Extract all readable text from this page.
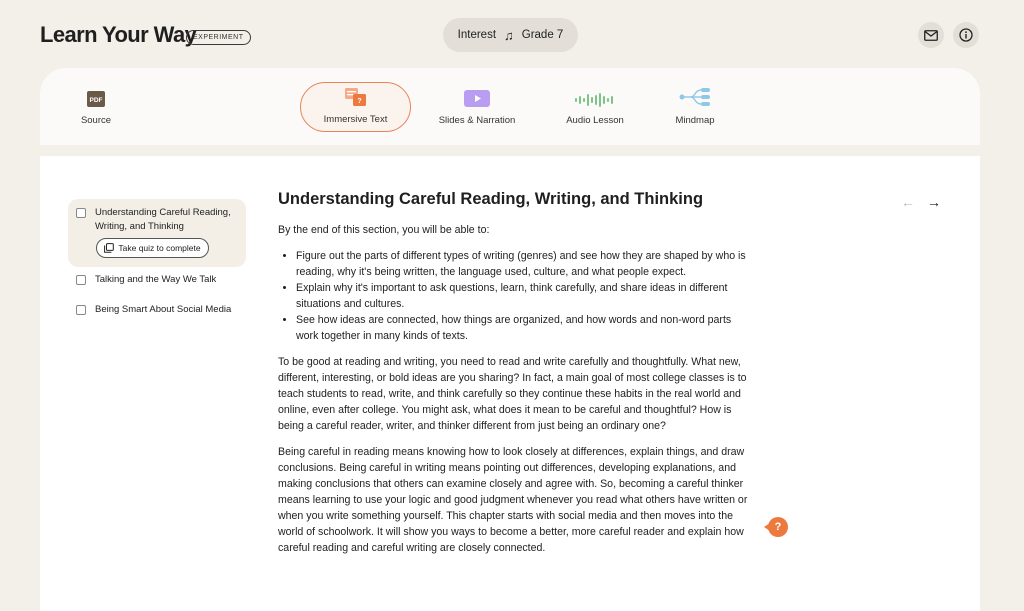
Learn Your Way
EXPERIMENT	Interest ♫ Grade 7
PDF
Source
?
Immersive Text	Slides & Narration	Audio Lesson	Mindmap
Understanding Careful Reading, Writing, and Thinking
Take quiz to complete
Talking and the Way We Talk
Being Smart About Social Media
Understanding Careful Reading, Writing, and Thinking	← →

By the end of this section, you will be able to:

• Figure out the parts of different types of writing (genres) and see how they are shaped by who is reading, why it's being written, the language used, culture, and what people expect.
• Explain why it's important to ask questions, learn, think carefully, and share ideas in different situations and cultures.
• See how ideas are connected, how things are organized, and how words and non-word parts work together in many kinds of texts.

To be good at reading and writing, you need to read and write carefully and thoughtfully. What new, different, interesting, or bold ideas are you sharing? In fact, a main goal of most college classes is to teach students to read, write, and think carefully so they continue these habits in the real world and online, even after college. You might ask, what does it mean to be careful and thoughtful? How is being a careful reader, writer, and thinker different from just being an ordinary one?

Being careful in reading means knowing how to look closely at differences, explain things, and draw conclusions. Being careful in writing means pointing out differences, developing explanations, and making conclusions that others can examine closely and agree with. So, becoming a careful thinker means learning to use your logic and good judgment whenever you read what others have written or when you write something yourself. This chapter starts with social media and then moves into the world of schoolwork. It will show you ways to become a better, more careful reader and explain how careful reading and careful writing are closely connected.

?
